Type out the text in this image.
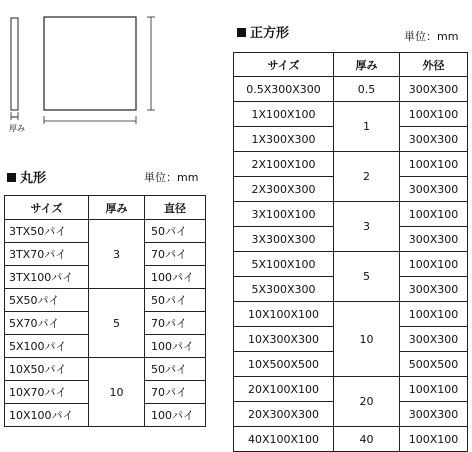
厚み
正方形	単位：mm
サイズ	厚み	外径
0.5X300X300	0.5	300X300
1X100X100	1	100X100
1X300X300		300X300
2X100X100	2	100X100
2X300X300		300X300
3X100X100	3	100X100
3X300X300		300X300
5X100X100	5	100X100
5X300X300		300X300
10X100X100	10	100X100
10X300X300		300X300
10X500X500		500X500
20X100X100	20	100X100
20X300X300		300X300
40X100X100	40	100X100
丸形	単位：mm
サイズ	厚み	直径
3TX50パイ	3	50パイ
3TX70パイ		70パイ
3TX100パイ		100パイ
5X50パイ	5	50パイ
5X70パイ		70パイ
5X100パイ		100パイ
10X50パイ	10	50パイ
10X70パイ		70パイ
10X100パイ		100パイ
